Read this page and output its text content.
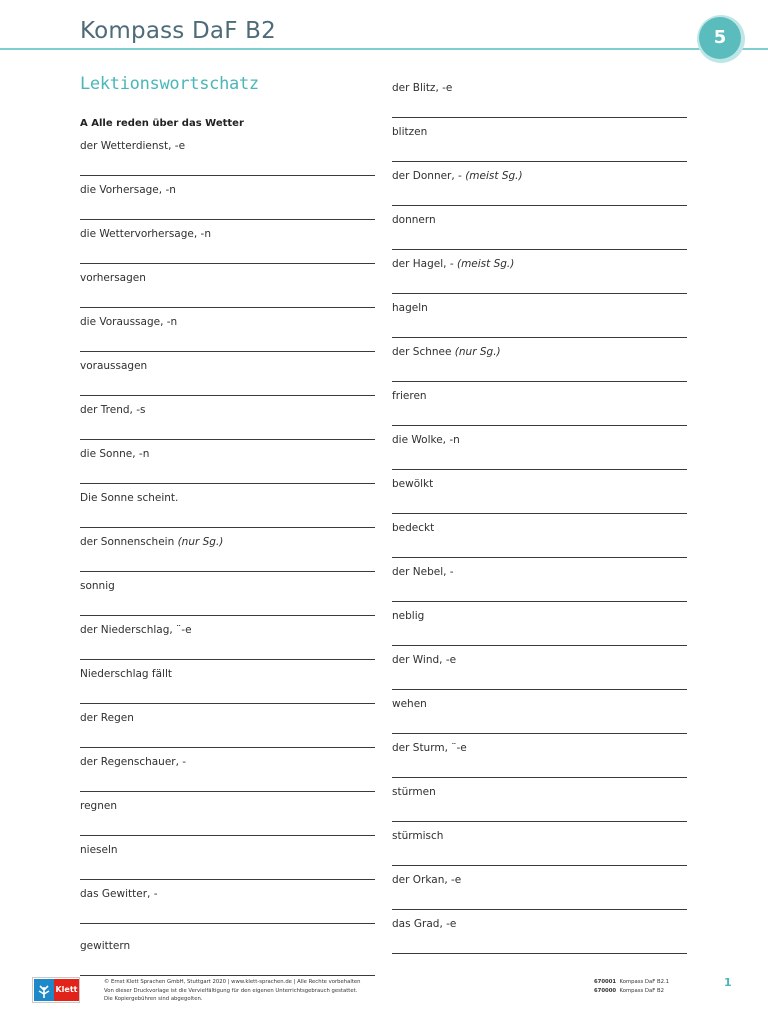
Kompass DaF B2	5
Lektionswortschatz
A Alle reden über das Wetter
der Wetterdienst, -e
die Vorhersage, -n
die Wettervorhersage, -n
vorhersagen
die Voraussage, -n
voraussagen
der Trend, -s
die Sonne, -n
Die Sonne scheint.
der Sonnenschein (nur Sg.)
sonnig
der Niederschlag, ¨-e
Niederschlag fällt
der Regen
der Regenschauer, -
regnen
nieseln
das Gewitter, -
gewittern
der Blitz, -e
blitzen
der Donner, - (meist Sg.)
donnern
der Hagel, - (meist Sg.)
hageln
der Schnee (nur Sg.)
frieren
die Wolke, -n
bewölkt
bedeckt
der Nebel, -
neblig
der Wind, -e
wehen
der Sturm, ¨-e
stürmen
stürmisch
der Orkan, -e
das Grad, -e
Klett
© Ernst Klett Sprachen GmbH, Stuttgart 2020 | www.klett-sprachen.de | Alle Rechte vorbehalten
Von dieser Druckvorlage ist die Vervielfältigung für den eigenen Unterrichtsgebrauch gestattet.
Die Kopiergebühren sind abgegolten.
670001 Kompass DaF B2.1
670000 Kompass DaF B2
1
